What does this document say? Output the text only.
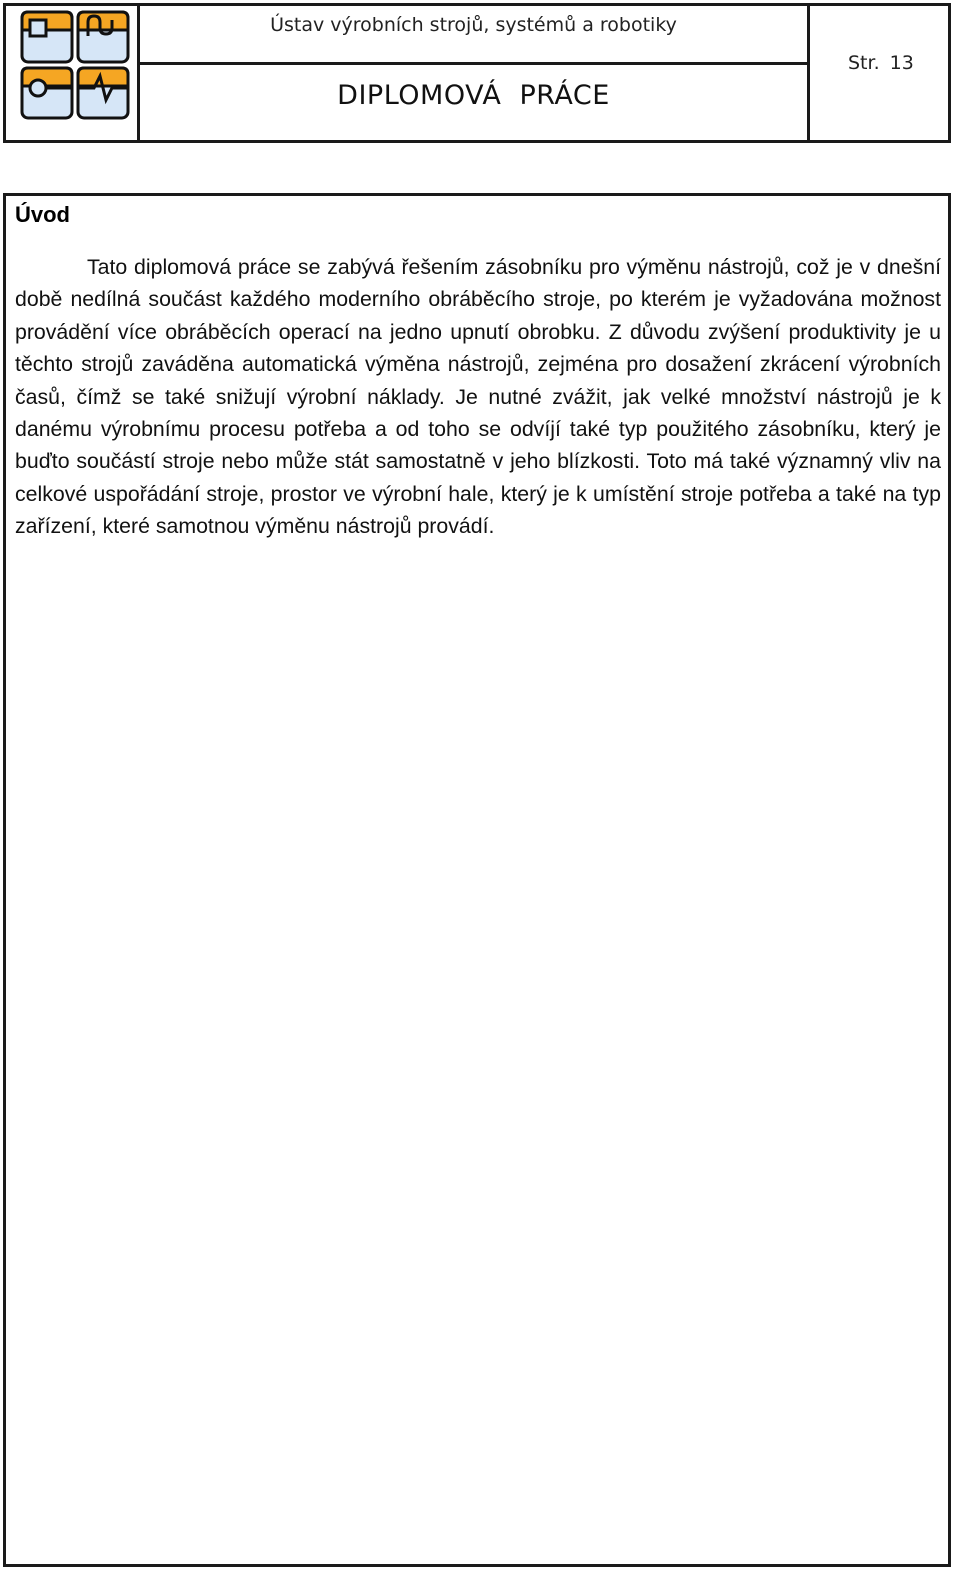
Ústav výrobních strojů, systémů a robotiky
DIPLOMOVÁ  PRÁCE
Str. 13
Úvod

Tato diplomová práce se zabývá řešením zásobníku pro výměnu nástrojů, což je v dnešní době nedílná součást každého moderního obráběcího stroje, po kterém je vyžadována možnost provádění více obráběcích operací na jedno upnutí obrobku. Z důvodu zvýšení produktivity je u těchto strojů zaváděna automatická výměna nástrojů, zejména pro dosažení zkrácení výrobních časů, čímž se také snižují výrobní náklady. Je nutné zvážit, jak velké množství nástrojů je k danému výrobnímu procesu potřeba a od toho se odvíjí také typ použitého zásobníku, který je buďto součástí stroje nebo může stát samostatně v jeho blízkosti. Toto má také významný vliv na celkové uspořádání stroje, prostor ve výrobní hale, který je k umístění stroje potřeba a také na typ zařízení, které samotnou výměnu nástrojů provádí.
